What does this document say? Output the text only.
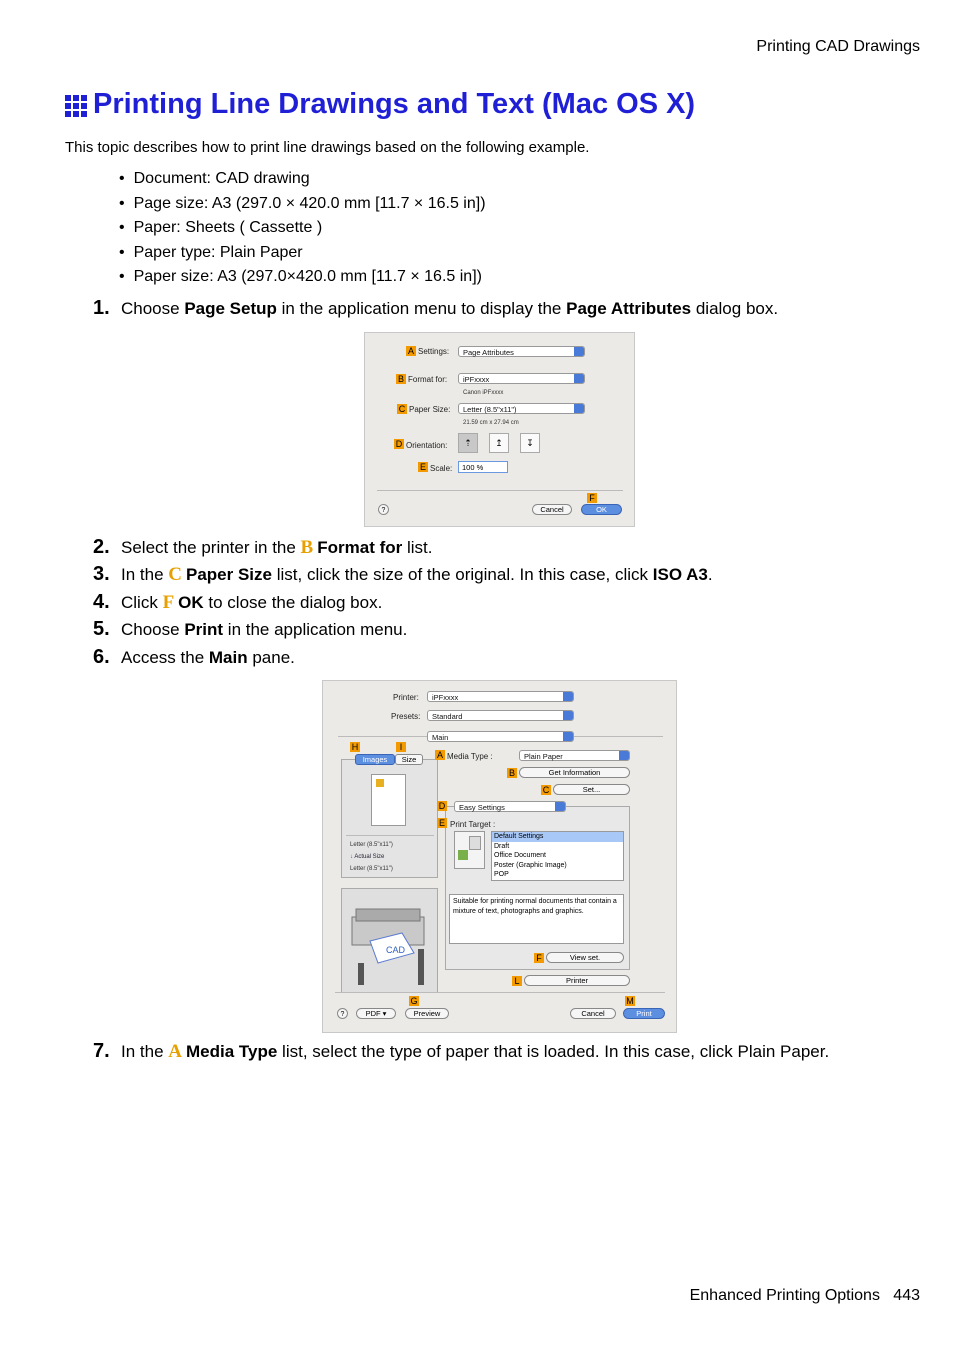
Printing CAD Drawings
Printing Line Drawings and Text (Mac OS X)
This topic describes how to print line drawings based on the following example.
• Document: CAD drawing
• Page size: A3 (297.0 × 420.0 mm [11.7 × 16.5 in])
• Paper: Sheets ( Cassette )
• Paper type: Plain Paper
• Paper size: A3 (297.0×420.0 mm [11.7 × 16.5 in])
1. Choose Page Setup in the application menu to display the Page Attributes dialog box.
A Settings:	Page Attributes
B Format for:	iPFxxxx
Canon iPFxxxx
C Paper Size:	Letter (8.5"x11")
21.59 cm x 27.94 cm
D Orientation:	⇡	↥	↧
E Scale:	100 %
F
?	Cancel	OK
2. Select the printer in the B Format for list.
3. In the C Paper Size list, click the size of the original. In this case, click ISO A3.
4. Click F OK to close the dialog box.
5. Choose Print in the application menu.
6. Access the Main pane.
Printer:	iPFxxxx
Presets:	Standard
Main
H	I
Letter (8.5"x11")
↓ Actual Size
Letter (8.5"x11")
Images	Size
CAD
A Media Type :	Plain Paper
B	Get Information
C	Set...
D	Easy Settings
E Print Target :
Default Settings
Draft
Office Document
Poster (Graphic Image)
POP
Suitable for printing normal documents that contain a mixture of text, photographs and graphics.
F	View set.
L	Printer
G	M
?	PDF ▾	Preview	Cancel	Print
7. In the A Media Type list, select the type of paper that is loaded. In this case, click Plain Paper.
Enhanced Printing Options 443
